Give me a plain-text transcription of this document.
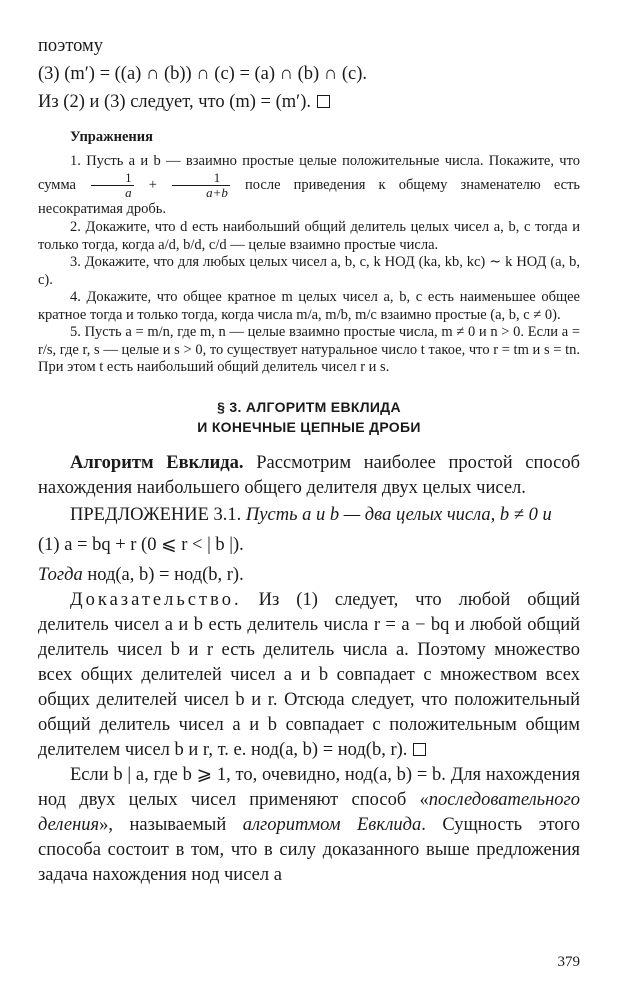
поэтому

(3) (m′) = ((a) ∩ (b)) ∩ (c) = (a) ∩ (b) ∩ (c).

Из (2) и (3) следует, что (m) = (m′).

Упражнения

1. Пусть a и b — взаимно простые целые положительные числа. Покажите, что сумма $\frac{1}{a} + \frac{1}{a+b}$ после приведения к общему знаменателю есть несократимая дробь.

2. Докажите, что d есть наибольший общий делитель целых чисел a, b, c тогда и только тогда, когда a/d, b/d, c/d — целые взаимно простые числа.

3. Докажите, что для любых целых чисел a, b, c, k НОД (ka, kb, kc) ∼ k НОД (a, b, c).

4. Докажите, что общее кратное m целых чисел a, b, c есть наименьшее общее кратное тогда и только тогда, когда числа m/a, m/b, m/c взаимно простые (a, b, c ≠ 0).

5. Пусть a = m/n, где m, n — целые взаимно простые числа, m ≠ 0 и n > 0. Если a = r/s, где r, s — целые и s > 0, то существует натуральное число t такое, что r = tm и s = tn. При этом t есть наибольший общий делитель чисел r и s.

§ 3. АЛГОРИТМ ЕВКЛИДА
И КОНЕЧНЫЕ ЦЕПНЫЕ ДРОБИ

Алгоритм Евклида. Рассмотрим наиболее простой способ нахождения наибольшего общего делителя двух целых чисел.

ПРЕДЛОЖЕНИЕ 3.1. Пусть a и b — два целых числа, b ≠ 0 и

(1) a = bq + r (0 ⩽ r < | b |).

Тогда нод(a, b) = нод(b, r).

Доказательство. Из (1) следует, что любой общий делитель чисел a и b есть делитель числа r = a − bq и любой общий делитель чисел b и r есть делитель числа a. Поэтому множество всех общих делителей чисел a и b совпадает с множеством всех общих делителей чисел b и r. Отсюда следует, что положительный общий делитель чисел a и b совпадает с положительным общим делителем чисел b и r, т. е. нод(a, b) = нод(b, r).

Если b | a, где b ⩾ 1, то, очевидно, нод(a, b) = b. Для нахождения нод двух целых чисел применяют способ «последовательного деления», называемый алгоритмом Евклида. Сущность этого способа состоит в том, что в силу доказанного выше предложения задача нахождения нод чисел a

379
